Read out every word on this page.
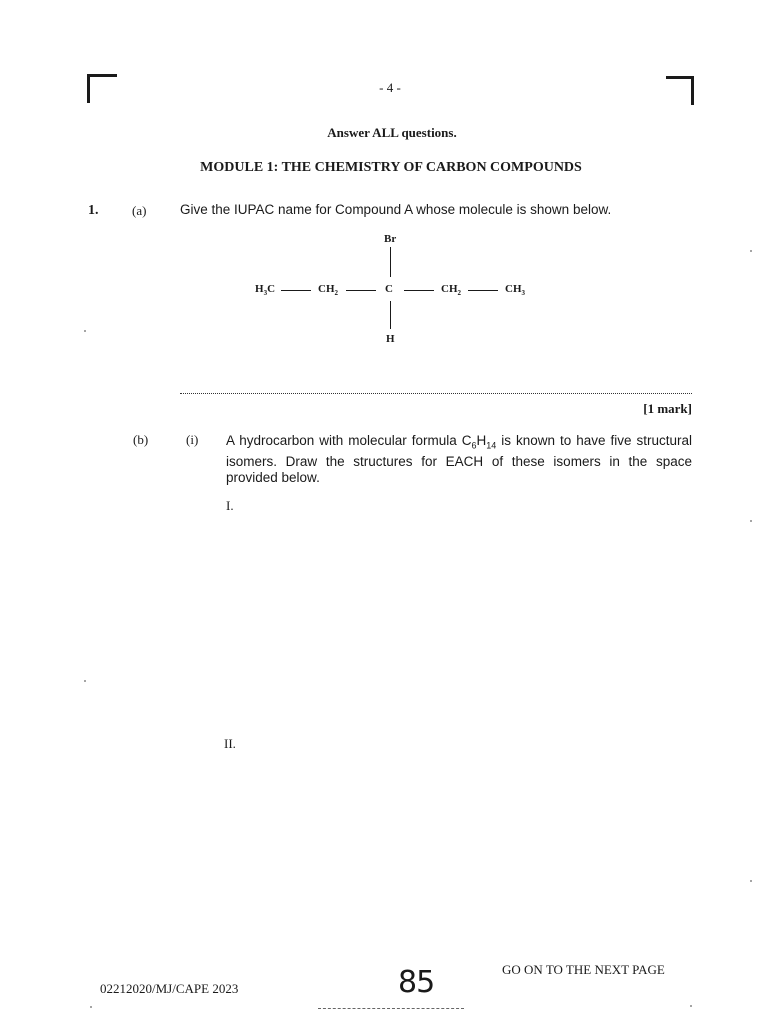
- 4 -
Answer ALL questions.
MODULE 1: THE CHEMISTRY OF CARBON COMPOUNDS
1.	(a) Give the IUPAC name for Compound A whose molecule is shown below.
Br
$H_3C$	$CH_2$	C	$CH_2$	$CH_3$
H
[1 mark]
(b)	(i) A hydrocarbon with molecular formula $C_6H_{14}$ is known to have five structural isomers. Draw the structures for EACH of these isomers in the space provided below.
I.
II.
GO ON TO THE NEXT PAGE
02212020/MJ/CAPE 2023	85
